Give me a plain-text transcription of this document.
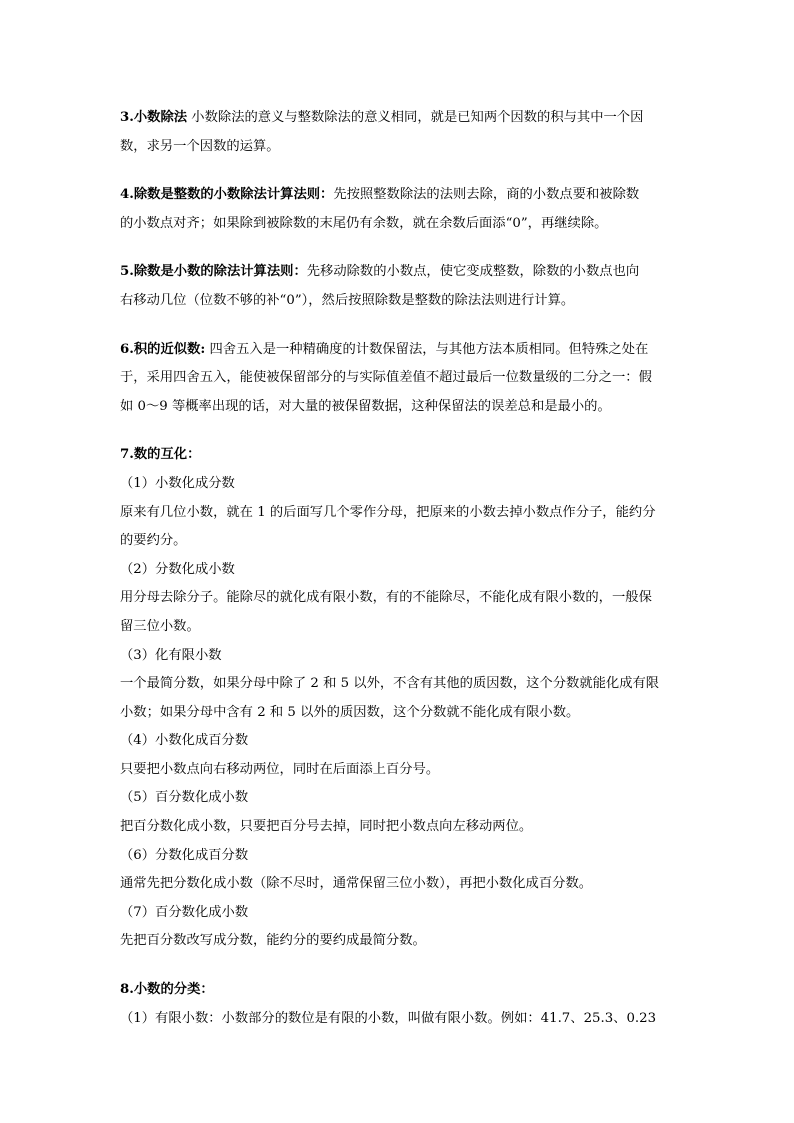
3.小数除法 小数除法的意义与整数除法的意义相同，就是已知两个因数的积与其中一个因
数，求另一个因数的运算。
4.除数是整数的小数除法计算法则：先按照整数除法的法则去除，商的小数点要和被除数
的小数点对齐；如果除到被除数的末尾仍有余数，就在余数后面添“0”，再继续除。
5.除数是小数的除法计算法则：先移动除数的小数点，使它变成整数，除数的小数点也向
右移动几位（位数不够的补“0”），然后按照除数是整数的除法法则进行计算。
6.积的近似数: 四舍五入是一种精确度的计数保留法，与其他方法本质相同。但特殊之处在
于，采用四舍五入，能使被保留部分的与实际值差值不超过最后一位数量级的二分之一：假
如 0～9 等概率出现的话，对大量的被保留数据，这种保留法的误差总和是最小的。
7.数的互化：
（1）小数化成分数
原来有几位小数，就在 1 的后面写几个零作分母，把原来的小数去掉小数点作分子，能约分
的要约分。
（2）分数化成小数
用分母去除分子。能除尽的就化成有限小数，有的不能除尽，不能化成有限小数的，一般保
留三位小数。
（3）化有限小数
一个最简分数，如果分母中除了 2 和 5 以外，不含有其他的质因数，这个分数就能化成有限
小数；如果分母中含有 2 和 5 以外的质因数，这个分数就不能化成有限小数。
（4）小数化成百分数
只要把小数点向右移动两位，同时在后面添上百分号。
（5）百分数化成小数
把百分数化成小数，只要把百分号去掉，同时把小数点向左移动两位。
（6）分数化成百分数
通常先把分数化成小数（除不尽时，通常保留三位小数），再把小数化成百分数。
（7）百分数化成小数
先把百分数改写成分数，能约分的要约成最简分数。
8.小数的分类：
（1）有限小数：小数部分的数位是有限的小数，叫做有限小数。例如：41.7、25.3、0.23
